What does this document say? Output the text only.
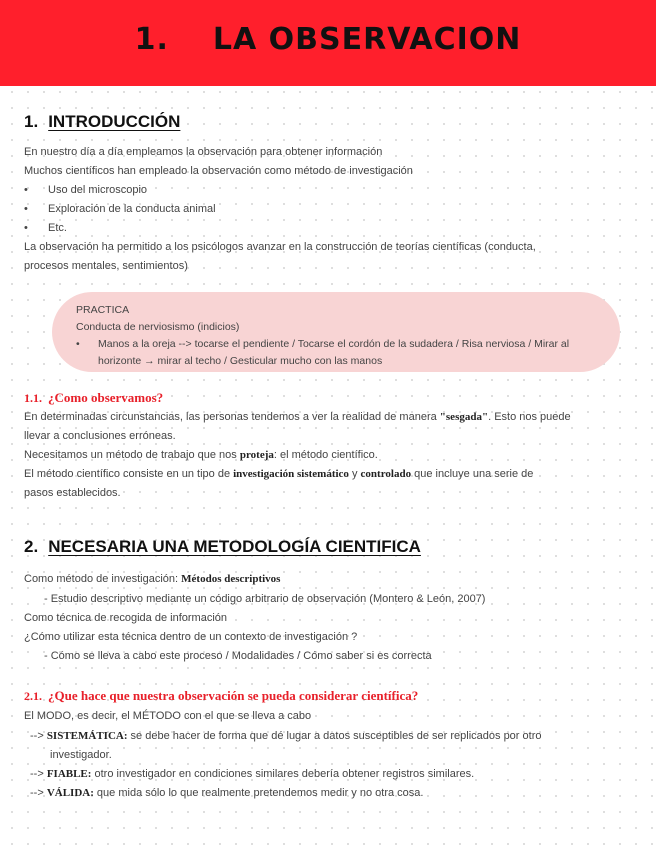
1. LA OBSERVACION
1. INTRODUCCIÓN
En nuestro día a día empleamos la observación para obtener información
Muchos científicos han empleado la observación como método de investigación
• Uso del microscopio
• Exploración de la conducta animal
• Etc.
La observación ha permitido a los psicólogos avanzar en la construcción de teorías científicas (conducta,
procesos mentales, sentimientos)
PRACTICA
Conducta de nerviosismo (indicios)
• Manos a la oreja --> tocarse el pendiente / Tocarse el cordón de la sudadera / Risa nerviosa / Mirar al
horizonte → mirar al techo / Gesticular mucho con las manos
1.1. ¿Como observamos?
En determinadas circunstancias, las personas tendemos a ver la realidad de manera "sesgada". Esto nos puede
llevar a conclusiones erróneas.
Necesitamos un método de trabajo que nos proteja: el método científico.
El método científico consiste en un tipo de investigación sistemático y controlado que incluye una serie de
pasos establecidos.
2. NECESARIA UNA METODOLOGÍA CIENTIFICA
Como método de investigación: Métodos descriptivos
- Estudio descriptivo mediante un código arbitrario de observación (Montero & León, 2007)
Como técnica de recogida de información
¿Cómo utilizar esta técnica dentro de un contexto de investigación ?
- Cómo se lleva a cabo este proceso / Modalidades / Cómo saber si es correcta
2.1. ¿Que hace que nuestra observación se pueda considerar científica?
El MODO, es decir, el MÉTODO con el que se lleva a cabo
--> SISTEMÁTICA: se debe hacer de forma que dé lugar a datos susceptibles de ser replicados por otro
investigador.
--> FIABLE: otro investigador en condiciones similares debería obtener registros similares.
--> VÁLIDA: que mida sólo lo que realmente pretendemos medir y no otra cosa.
